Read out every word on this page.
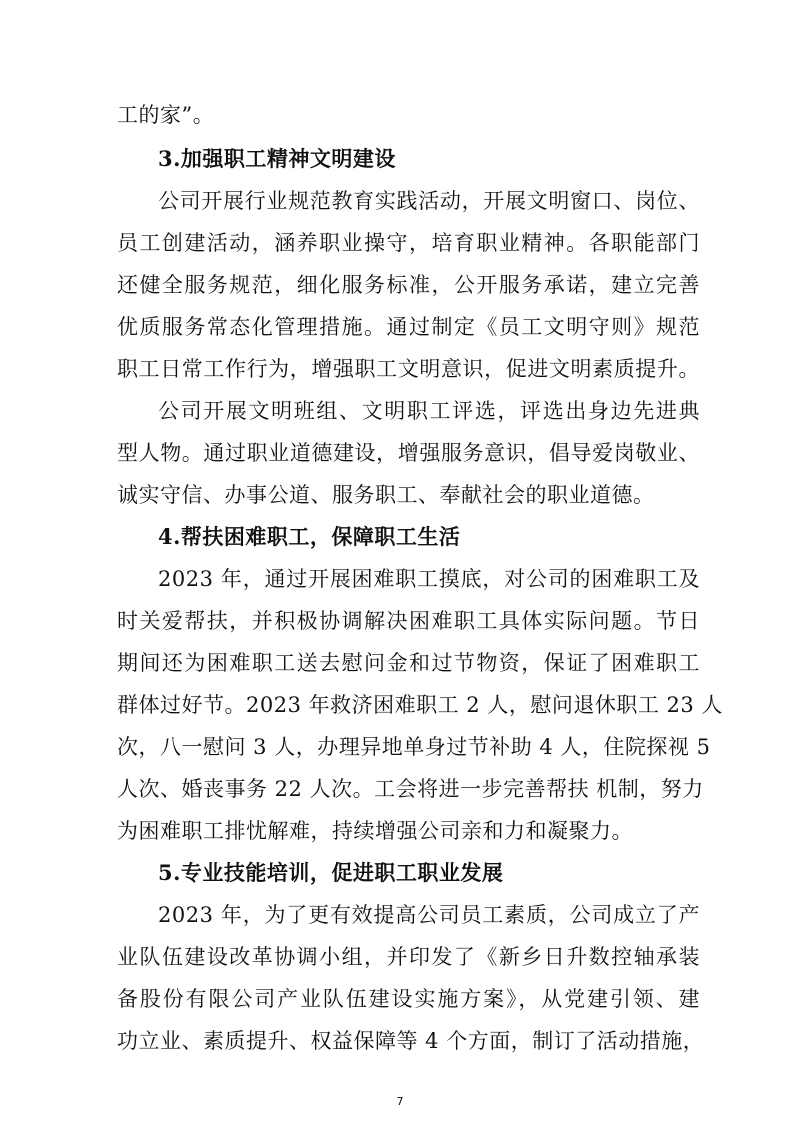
工的家”。
3.加强职工精神文明建设
公司开展行业规范教育实践活动，开展文明窗口、岗位、
员工创建活动，涵养职业操守，培育职业精神。各职能部门
还健全服务规范，细化服务标准，公开服务承诺，建立完善
优质服务常态化管理措施。通过制定《员工文明守则》规范
职工日常工作行为，增强职工文明意识，促进文明素质提升。
公司开展文明班组、文明职工评选，评选出身边先进典
型人物。通过职业道德建设，增强服务意识，倡导爱岗敬业、
诚实守信、办事公道、服务职工、奉献社会的职业道德。
4.帮扶困难职工，保障职工生活
2023 年，通过开展困难职工摸底，对公司的困难职工及
时关爱帮扶，并积极协调解决困难职工具体实际问题。节日
期间还为困难职工送去慰问金和过节物资，保证了困难职工
群体过好节。2023 年救济困难职工 2 人，慰问退休职工 23 人
次，八一慰问 3 人，办理异地单身过节补助 4 人，住院探视 5
人次、婚丧事务 22 人次。工会将进一步完善帮扶 机制，努力
为困难职工排忧解难，持续增强公司亲和力和凝聚力。
5.专业技能培训，促进职工职业发展
2023 年，为了更有效提高公司员工素质，公司成立了产
业队伍建设改革协调小组，并印发了《新乡日升数控轴承装
备股份有限公司产业队伍建设实施方案》，从党建引领、建
功立业、素质提升、权益保障等 4 个方面，制订了活动措施，
7
